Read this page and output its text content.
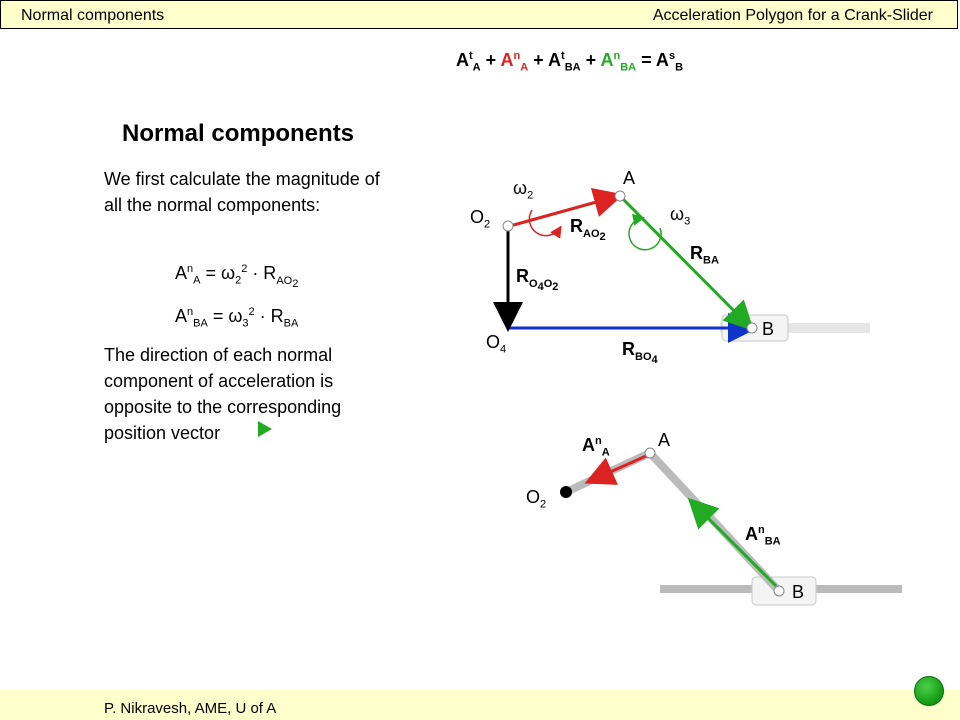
Normal components	Acceleration Polygon for a Crank-Slider
$A^t_A + A^n_A + A^t_{BA} + A^n_{BA} = A^s_B$
Normal components
We first calculate the magnitude of all the normal components:
$A^n_A = \omega_2^2 \cdot R_{AO_2}$
$A^n_{BA} = \omega_3^2 \cdot R_{BA}$
The direction of each normal component of acceleration is opposite to the corresponding position vector
A
$\omega_2$
$\omega_3$
$O_2$	$R_{AO_2}$
$R_{BA}$
$R_{O_4O_2}$
$O_4$	$R_{BO_4}$
B
A
$A^n_A$
$O_2$
$A^n_{BA}$
B
P. Nikravesh, AME, U of A
